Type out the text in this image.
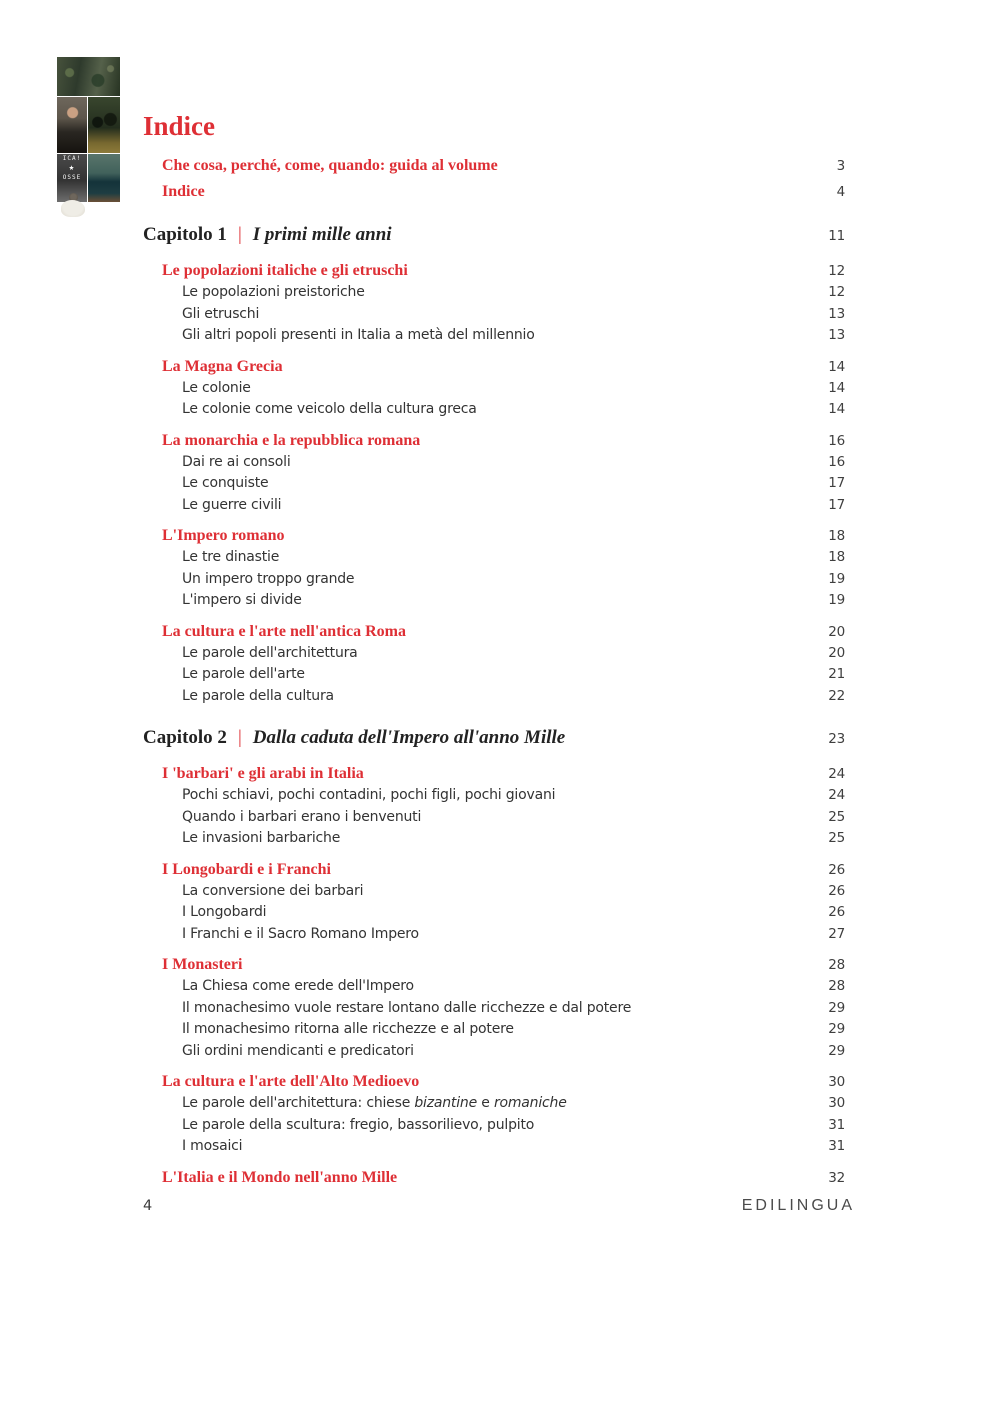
ICA!
★
OSSE
Indice
Che cosa, perché, come, quando: guida al volume	3
Indice	4
Capitolo 1 | I primi mille anni	11
Le popolazioni italiche e gli etruschi	12
Le popolazioni preistoriche	12
Gli etruschi	13
Gli altri popoli presenti in Italia a metà del millennio	13
La Magna Grecia	14
Le colonie	14
Le colonie come veicolo della cultura greca	14
La monarchia e la repubblica romana	16
Dai re ai consoli	16
Le conquiste	17
Le guerre civili	17
L'Impero romano	18
Le tre dinastie	18
Un impero troppo grande	19
L'impero si divide	19
La cultura e l'arte nell'antica Roma	20
Le parole dell'architettura	20
Le parole dell'arte	21
Le parole della cultura	22
Capitolo 2 | Dalla caduta dell'Impero all'anno Mille	23
I 'barbari' e gli arabi in Italia	24
Pochi schiavi, pochi contadini, pochi figli, pochi giovani	24
Quando i barbari erano i benvenuti	25
Le invasioni barbariche	25
I Longobardi e i Franchi	26
La conversione dei barbari	26
I Longobardi	26
I Franchi e il Sacro Romano Impero	27
I Monasteri	28
La Chiesa come erede dell'Impero	28
Il monachesimo vuole restare lontano dalle ricchezze e dal potere	29
Il monachesimo ritorna alle ricchezze e al potere	29
Gli ordini mendicanti e predicatori	29
La cultura e l'arte dell'Alto Medioevo	30
Le parole dell'architettura: chiese bizantine e romaniche	30
Le parole della scultura: fregio, bassorilievo, pulpito	31
I mosaici	31
L'Italia e il Mondo nell'anno Mille	32
4	EDILINGUA
